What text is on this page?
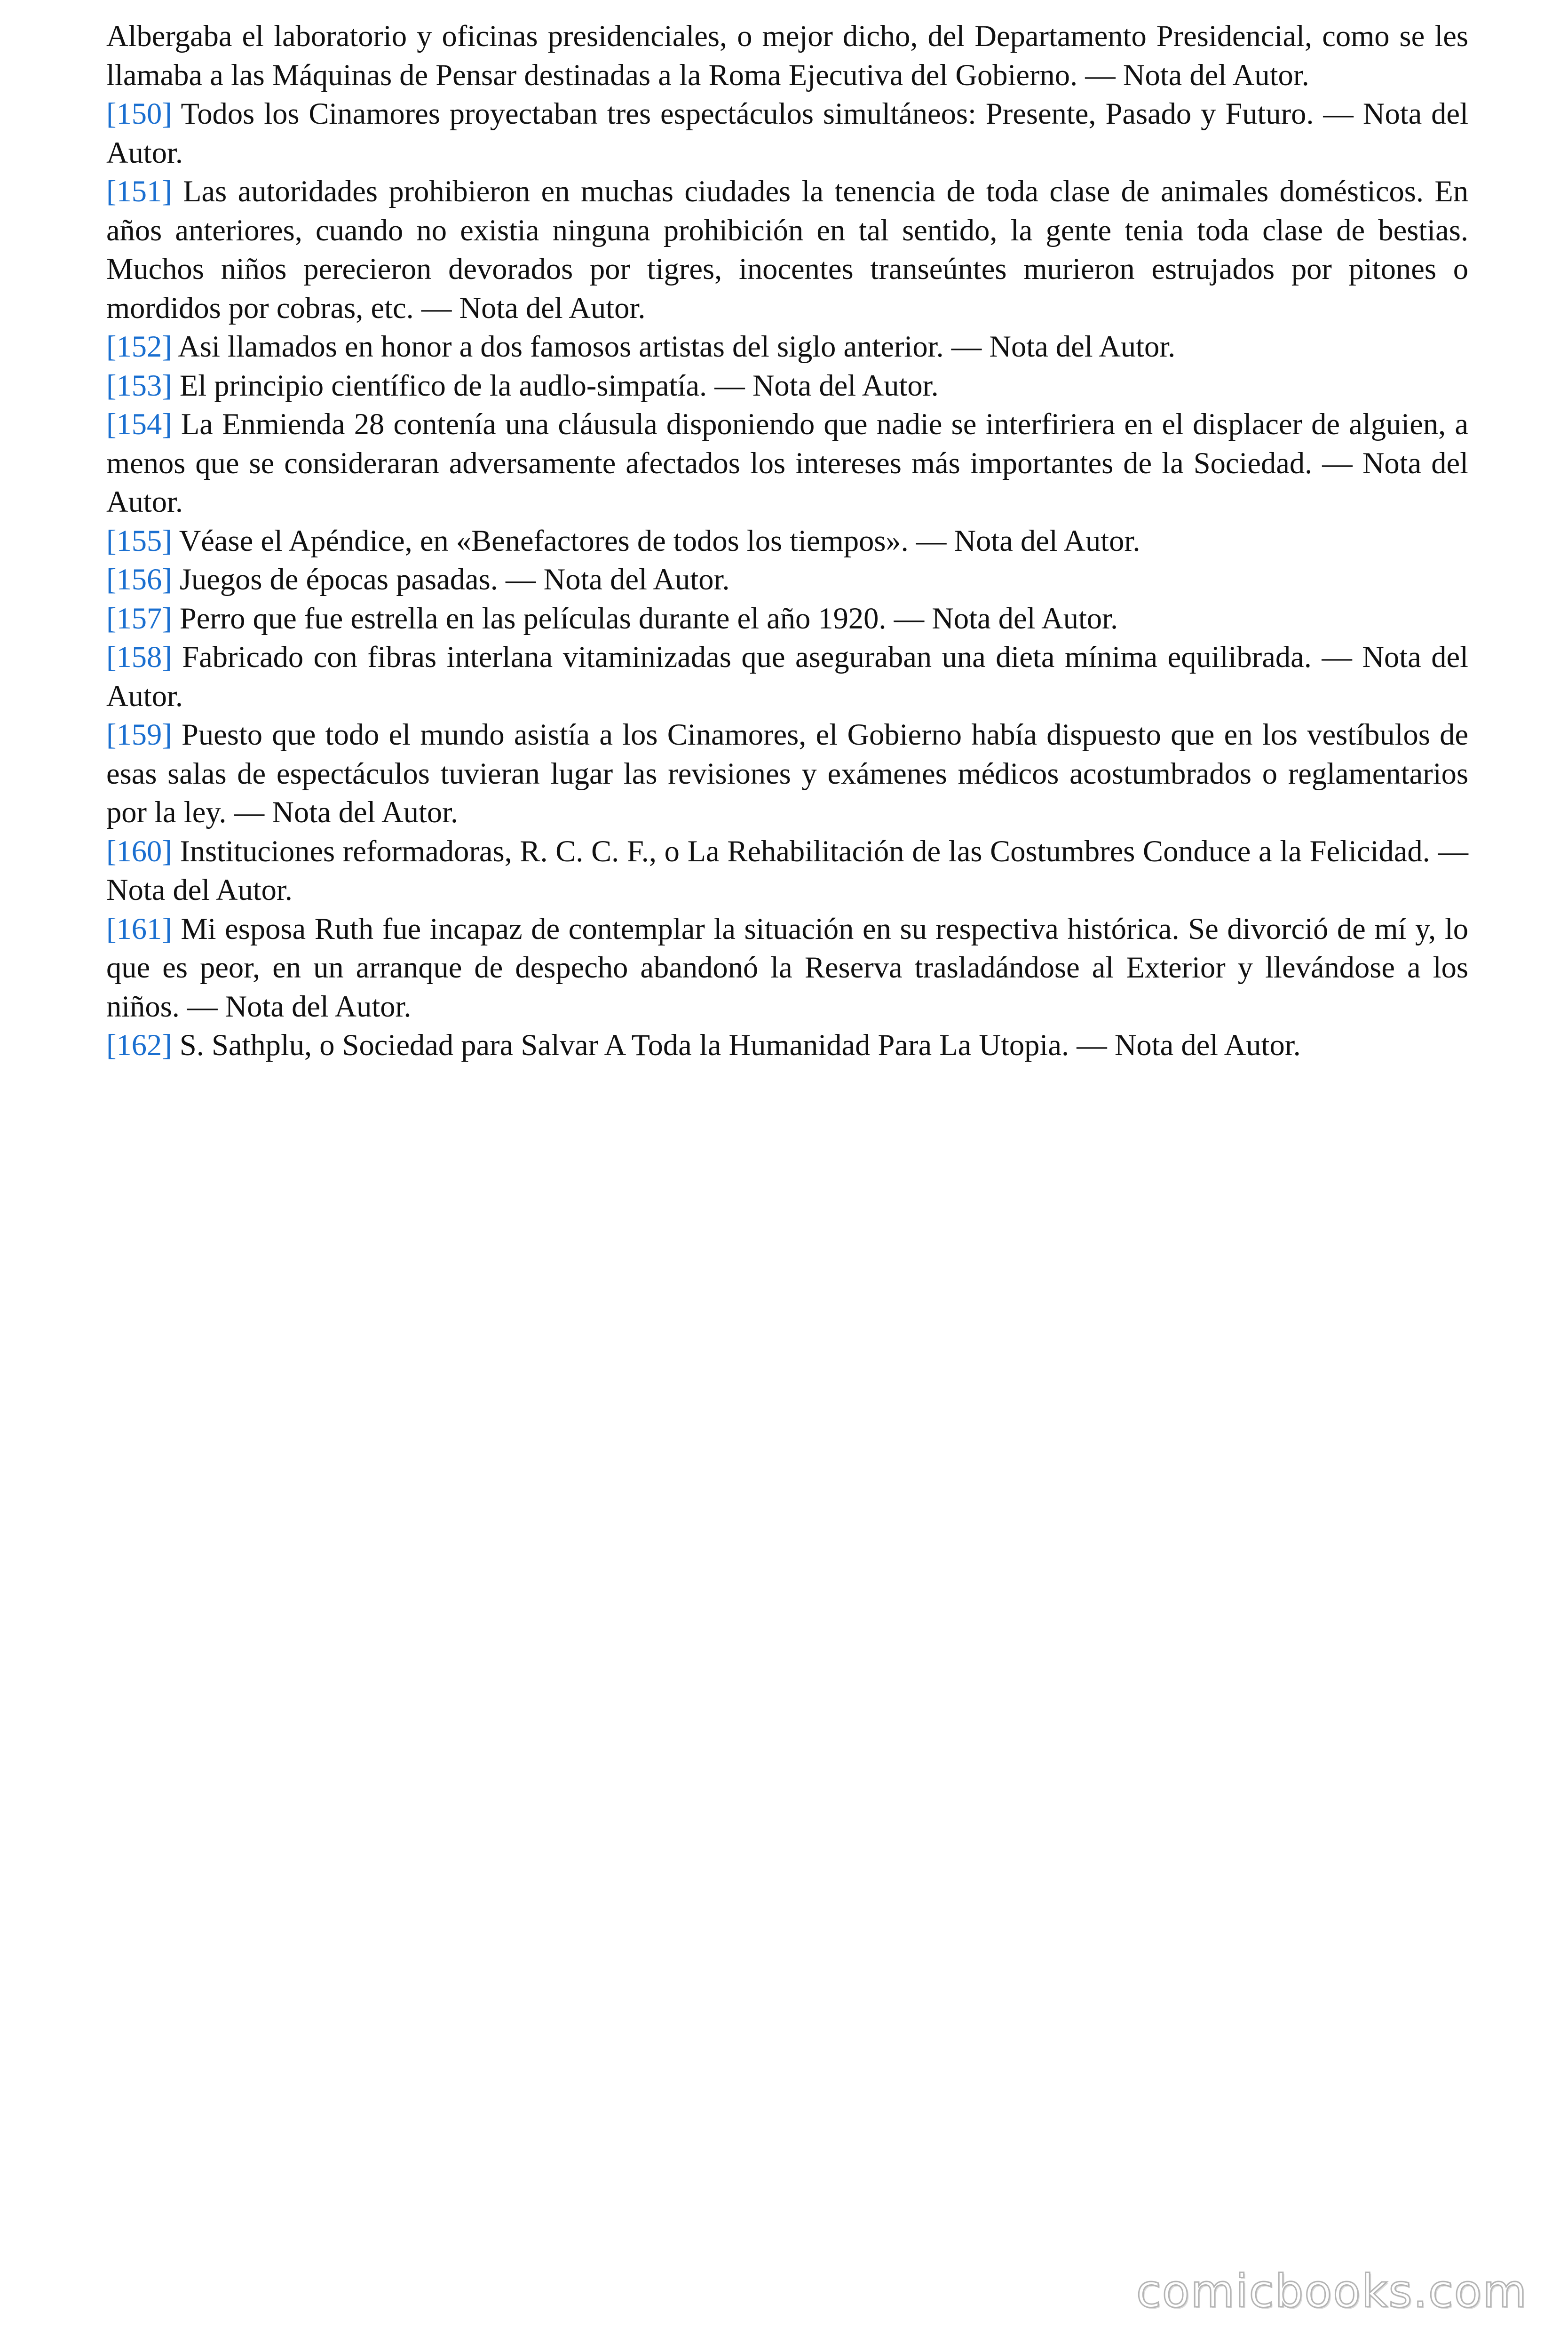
Albergaba el laboratorio y oficinas presidenciales, o mejor dicho, del Departamento Presidencial, como se les llamaba a las Máquinas de Pensar destinadas a la Roma Ejecutiva del Gobierno. — Nota del Autor.

[150] Todos los Cinamores proyectaban tres espectáculos simultáneos: Presente, Pasado y Futuro. — Nota del Autor.

[151] Las autoridades prohibieron en muchas ciudades la tenencia de toda clase de animales domésticos. En años anteriores, cuando no existia ninguna prohibición en tal sentido, la gente tenia toda clase de bestias. Muchos niños perecieron devorados por tigres, inocentes transeúntes murieron estrujados por pitones o mordidos por cobras, etc. — Nota del Autor.

[152] Asi llamados en honor a dos famosos artistas del siglo anterior. — Nota del Autor.

[153] El principio científico de la audlo-simpatía. — Nota del Autor.

[154] La Enmienda 28 contenía una cláusula disponiendo que nadie se interfiriera en el displacer de alguien, a menos que se consideraran adversamente afectados los intereses más importantes de la Sociedad. — Nota del Autor.

[155] Véase el Apéndice, en «Benefactores de todos los tiempos». — Nota del Autor.

[156] Juegos de épocas pasadas. — Nota del Autor.

[157] Perro que fue estrella en las películas durante el año 1920. — Nota del Autor.

[158] Fabricado con fibras interlana vitaminizadas que aseguraban una dieta mínima equilibrada. — Nota del Autor.

[159] Puesto que todo el mundo asistía a los Cinamores, el Gobierno había dispuesto que en los vestíbulos de esas salas de espectáculos tuvieran lugar las revisiones y exámenes médicos acostumbrados o reglamentarios por la ley. — Nota del Autor.

[160] Instituciones reformadoras, R. C. C. F., o La Rehabilitación de las Costumbres Conduce a la Felicidad. — Nota del Autor.

[161] Mi esposa Ruth fue incapaz de contemplar la situación en su respectiva histórica. Se divorció de mí y, lo que es peor, en un arranque de despecho abandonó la Reserva trasladándose al Exterior y llevándose a los niños. — Nota del Autor.

[162] S. Sathplu, o Sociedad para Salvar A Toda la Humanidad Para La Utopia. — Nota del Autor.

comicbooks.com
